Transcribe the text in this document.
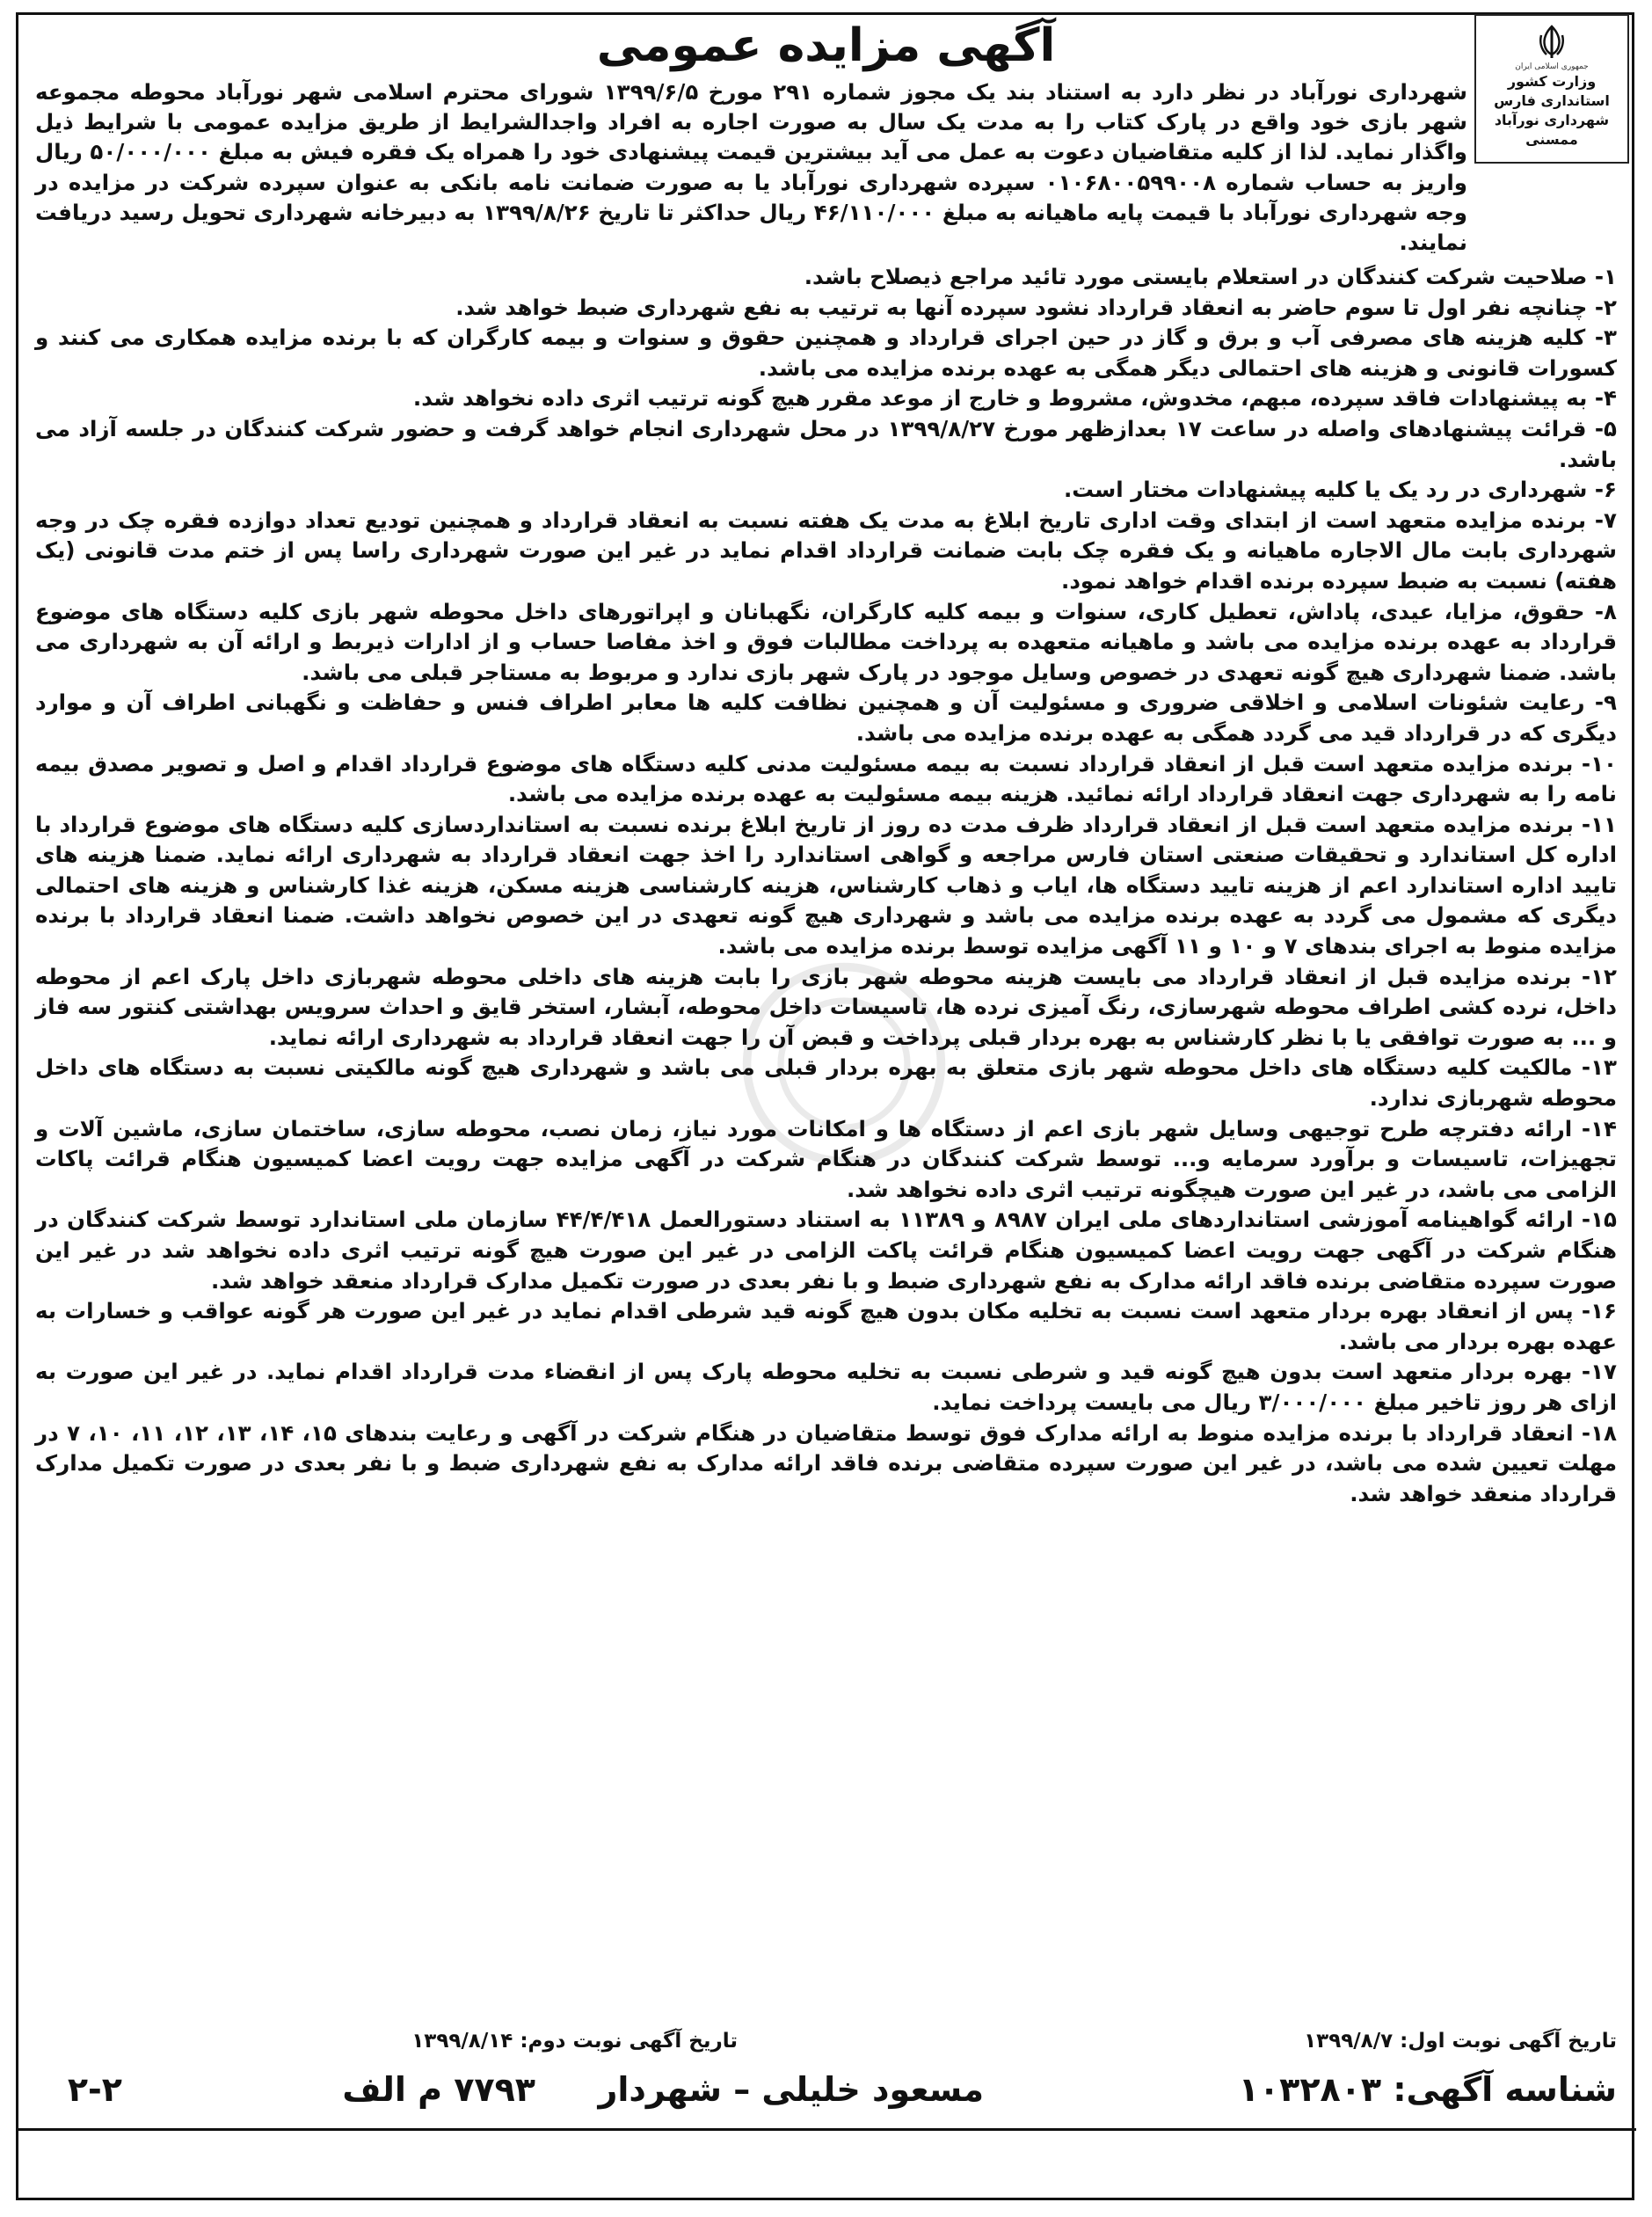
جمهوری اسلامی ایران
وزارت کشور
استانداری فارس
شهرداری نورآباد ممسنی
آگهی مزایده عمومی

شهرداری نورآباد در نظر دارد به استناد بند یک مجوز شماره ۲۹۱ مورخ ۱۳۹۹/۶/۵ شورای محترم اسلامی شهر نورآباد محوطه مجموعه شهر بازی خود واقع در پارک کتاب را به مدت یک سال به صورت اجاره به افراد واجدالشرایط از طریق مزایده عمومی با شرایط ذیل واگذار نماید. لذا از کلیه متقاضیان دعوت به عمل می آید بیشترین قیمت پیشنهادی خود را همراه یک فقره فیش به مبلغ ۵۰/۰۰۰/۰۰۰ ریال واریز به حساب شماره ۰۱۰۶۸۰۰۵۹۹۰۰۸ سپرده شهرداری نورآباد یا به صورت ضمانت نامه بانکی به عنوان سپرده شرکت در مزایده در وجه شهرداری نورآباد با قیمت پایه ماهیانه به مبلغ ۴۶/۱۱۰/۰۰۰ ریال حداکثر تا تاریخ ۱۳۹۹/۸/۲۶ به دبیرخانه شهرداری تحویل رسید دریافت نمایند.

۱- صلاحیت شرکت کنندگان در استعلام بایستی مورد تائید مراجع ذیصلاح باشد.

۲- چنانچه نفر اول تا سوم حاضر به انعقاد قرارداد نشود سپرده آنها به ترتیب به نفع شهرداری ضبط خواهد شد.

۳- کلیه هزینه های مصرفی آب و برق و گاز در حین اجرای قرارداد و همچنین حقوق و سنوات و بیمه کارگران که با برنده مزایده همکاری می کنند و کسورات قانونی و هزینه های احتمالی دیگر همگی به عهده برنده مزایده می باشد.

۴- به پیشنهادات فاقد سپرده، مبهم، مخدوش، مشروط و خارج از موعد مقرر هیچ گونه ترتیب اثری داده نخواهد شد.

۵- قرائت پیشنهادهای واصله در ساعت ۱۷ بعدازظهر مورخ ۱۳۹۹/۸/۲۷ در محل شهرداری انجام خواهد گرفت و حضور شرکت کنندگان در جلسه آزاد می باشد.

۶- شهرداری در رد یک یا کلیه پیشنهادات مختار است.

۷- برنده مزایده متعهد است از ابتدای وقت اداری تاریخ ابلاغ به مدت یک هفته نسبت به انعقاد قرارداد و همچنین تودیع تعداد دوازده فقره چک در وجه شهرداری بابت مال الاجاره ماهیانه و یک فقره چک بابت ضمانت قرارداد اقدام نماید در غیر این صورت شهرداری راسا پس از ختم مدت قانونی (یک هفته) نسبت به ضبط سپرده برنده اقدام خواهد نمود.

۸- حقوق، مزایا، عیدی، پاداش، تعطیل کاری، سنوات و بیمه کلیه کارگران، نگهبانان و اپراتورهای داخل محوطه شهر بازی کلیه دستگاه های موضوع قرارداد به عهده برنده مزایده می باشد و ماهیانه متعهده به پرداخت مطالبات فوق و اخذ مفاصا حساب و از ادارات ذیربط و ارائه آن به شهرداری می باشد. ضمنا شهرداری هیچ گونه تعهدی در خصوص وسایل موجود در پارک شهر بازی ندارد و مربوط به مستاجر قبلی می باشد.

۹- رعایت شئونات اسلامی و اخلاقی ضروری و مسئولیت آن و همچنین نظافت کلیه ها معابر اطراف فنس و حفاظت و نگهبانی اطراف آن و موارد دیگری که در قرارداد قید می گردد همگی به عهده برنده مزایده می باشد.

۱۰- برنده مزایده متعهد است قبل از انعقاد قرارداد نسبت به بیمه مسئولیت مدنی کلیه دستگاه های موضوع قرارداد اقدام و اصل و تصویر مصدق بیمه نامه را به شهرداری جهت انعقاد قرارداد ارائه نمائید. هزینه بیمه مسئولیت به عهده برنده مزایده می باشد.

۱۱- برنده مزایده متعهد است قبل از انعقاد قرارداد ظرف مدت ده روز از تاریخ ابلاغ برنده نسبت به استانداردسازی کلیه دستگاه های موضوع قرارداد با اداره کل استاندارد و تحقیقات صنعتی استان فارس مراجعه و گواهی استاندارد را اخذ جهت انعقاد قرارداد به شهرداری ارائه نماید. ضمنا هزینه های تایید اداره استاندارد اعم از هزینه تایید دستگاه ها، ایاب و ذهاب کارشناس، هزینه کارشناسی هزینه مسکن، هزینه غذا کارشناس و هزینه های احتمالی دیگری که مشمول می گردد به عهده برنده مزایده می باشد و شهرداری هیچ گونه تعهدی در این خصوص نخواهد داشت. ضمنا انعقاد قرارداد با برنده مزایده منوط به اجرای بندهای ۷ و ۱۰ و ۱۱ آگهی مزایده توسط برنده مزایده می باشد.

۱۲- برنده مزایده قبل از انعقاد قرارداد می بایست هزینه محوطه شهر بازی را بابت هزینه های داخلی محوطه شهربازی داخل پارک اعم از محوطه داخل، نرده کشی اطراف محوطه شهرسازی، رنگ آمیزی نرده ها، تاسیسات داخل محوطه، آبشار، استخر قایق و احداث سرویس بهداشتی کنتور سه فاز و ... به صورت توافقی یا با نظر کارشناس به بهره بردار قبلی پرداخت و قبض آن را جهت انعقاد قرارداد به شهرداری ارائه نماید.

۱۳- مالکیت کلیه دستگاه های داخل محوطه شهر بازی متعلق به بهره بردار قبلی می باشد و شهرداری هیچ گونه مالکیتی نسبت به دستگاه های داخل محوطه شهربازی ندارد.

۱۴- ارائه دفترچه طرح توجیهی وسایل شهر بازی اعم از دستگاه ها و امکانات مورد نیاز، زمان نصب، محوطه سازی، ساختمان سازی، ماشین آلات و تجهیزات، تاسیسات و برآورد سرمایه و... توسط شرکت کنندگان در هنگام شرکت در آگهی مزایده جهت رویت اعضا کمیسیون هنگام قرائت پاکات الزامی می باشد، در غیر این صورت هیچگونه ترتیب اثری داده نخواهد شد.

۱۵- ارائه گواهینامه آموزشی استانداردهای ملی ایران ۸۹۸۷ و ۱۱۳۸۹ به استناد دستورالعمل ۴۴/۴/۴۱۸ سازمان ملی استاندارد توسط شرکت کنندگان در هنگام شرکت در آگهی جهت رویت اعضا کمیسیون هنگام قرائت پاکت الزامی در غیر این صورت هیچ گونه ترتیب اثری داده نخواهد شد در غیر این صورت سپرده متقاضی برنده فاقد ارائه مدارک به نفع شهرداری ضبط و با نفر بعدی در صورت تکمیل مدارک قرارداد منعقد خواهد شد.

۱۶- پس از انعقاد بهره بردار متعهد است نسبت به تخلیه مکان بدون هیچ گونه قید شرطی اقدام نماید در غیر این صورت هر گونه عواقب و خسارات به عهده بهره بردار می باشد.

۱۷- بهره بردار متعهد است بدون هیچ گونه قید و شرطی نسبت به تخلیه محوطه پارک پس از انقضاء مدت قرارداد اقدام نماید. در غیر این صورت به ازای هر روز تاخیر مبلغ ۳/۰۰۰/۰۰۰ ریال می بایست پرداخت نماید.

۱۸- انعقاد قرارداد با برنده مزایده منوط به ارائه مدارک فوق توسط متقاضیان در هنگام شرکت در آگهی و رعایت بندهای ۱۵، ۱۴، ۱۳، ۱۲، ۱۱، ۱۰، ۷ در مهلت تعیین شده می باشد، در غیر این صورت سپرده متقاضی برنده فاقد ارائه مدارک به نفع شهرداری ضبط و با نفر بعدی در صورت تکمیل مدارک قرارداد منعقد خواهد شد.

تاریخ آگهی نوبت اول: ۱۳۹۹/۸/۷
تاریخ آگهی نوبت دوم: ۱۳۹۹/۸/۱۴
شناسه آگهی: ۱۰۳۲۸۰۳
مسعود خلیلی – شهردار
۷۷۹۳ م الف
۲-۲
